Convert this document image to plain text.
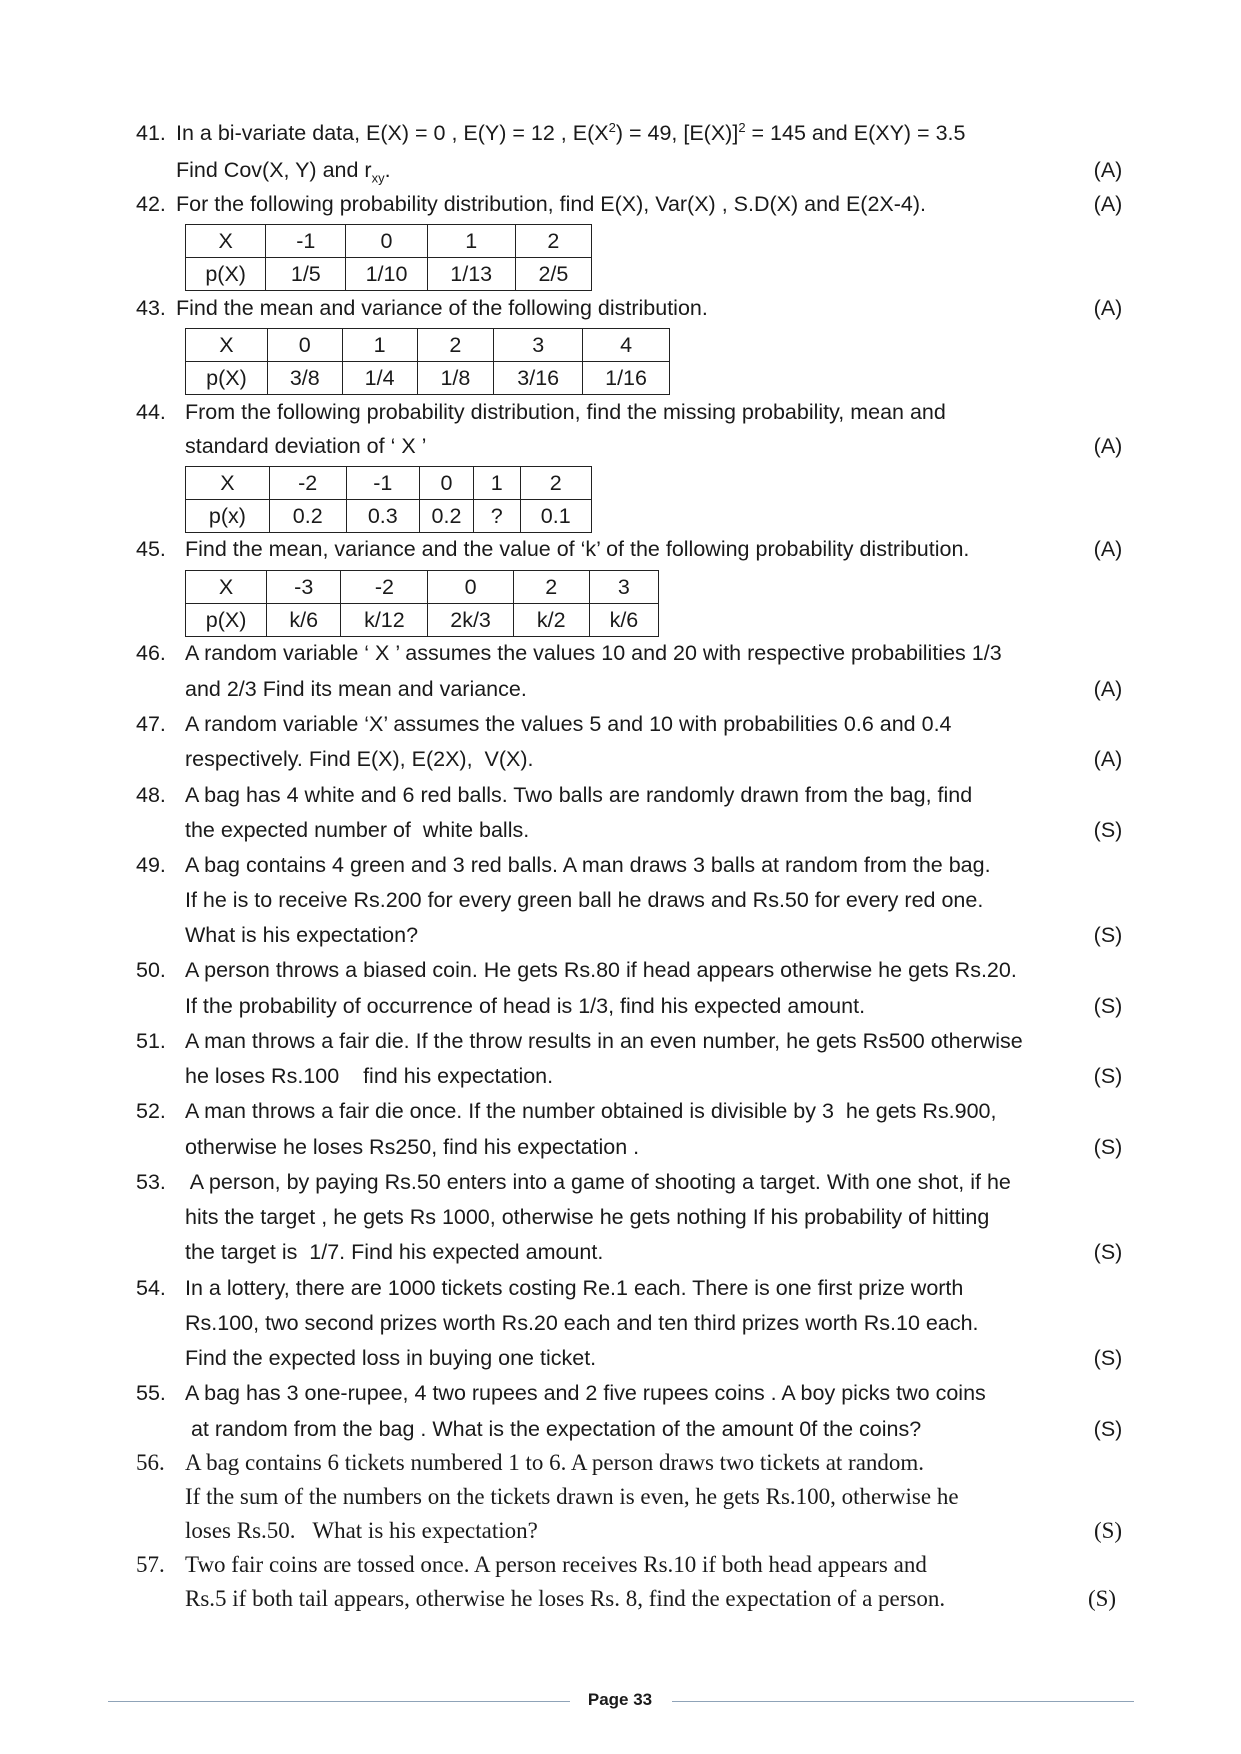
41. In a bi-variate data, E(X) = 0 , E(Y) = 12 , $E(X^2) = 49$, $[E(X)]^2 = 145$ and E(XY) = 3.5
Find Cov(X, Y) and $r_{xy}$.	(A)
42. For the following probability distribution, find E(X), Var(X) , S.D(X) and E(2X-4).	(A)
X	-1	0	1	2
p(X)	1/5	1/10	1/13	2/5
43. Find the mean and variance of the following distribution.	(A)
X	0	1	2	3	4
p(X)	3/8	1/4	1/8	3/16	1/16
44. From the following probability distribution, find the missing probability, mean and
standard deviation of ‘ X ’	(A)
X	-2	-1	0	1	2
p(x)	0.2	0.3	0.2	?	0.1
45. Find the mean, variance and the value of ‘k’ of the following probability distribution.	(A)
X	-3	-2	0	2	3
p(X)	k/6	k/12	2k/3	k/2	k/6
46. A random variable ‘ X ’ assumes the values 10 and 20 with respective probabilities 1/3
and 2/3 Find its mean and variance.	(A)
47. A random variable ‘X’ assumes the values 5 and 10 with probabilities 0.6 and 0.4
respectively. Find E(X), E(2X),  V(X).	(A)
48. A bag has 4 white and 6 red balls. Two balls are randomly drawn from the bag, find
the expected number of  white balls.	(S)
49. A bag contains 4 green and 3 red balls. A man draws 3 balls at random from the bag.
If he is to receive Rs.200 for every green ball he draws and Rs.50 for every red one.
What is his expectation?	(S)
50. A person throws a biased coin. He gets Rs.80 if head appears otherwise he gets Rs.20.
If the probability of occurrence of head is 1/3, find his expected amount.	(S)
51. A man throws a fair die. If the throw results in an even number, he gets Rs500 otherwise
he loses Rs.100    find his expectation.	(S)
52. A man throws a fair die once. If the number obtained is divisible by 3  he gets Rs.900,
otherwise he loses Rs250, find his expectation .	(S)
53. A person, by paying Rs.50 enters into a game of shooting a target. With one shot, if he
hits the target , he gets Rs 1000, otherwise he gets nothing If his probability of hitting
the target is  1/7. Find his expected amount.	(S)
54. In a lottery, there are 1000 tickets costing Re.1 each. There is one first prize worth
Rs.100, two second prizes worth Rs.20 each and ten third prizes worth Rs.10 each.
Find the expected loss in buying one ticket.	(S)
55. A bag has 3 one-rupee, 4 two rupees and 2 five rupees coins . A boy picks two coins
at random from the bag . What is the expectation of the amount 0f the coins?	(S)
56. A bag contains 6 tickets numbered 1 to 6. A person draws two tickets at random.
If the sum of the numbers on the tickets drawn is even, he gets Rs.100, otherwise he
loses Rs.50.   What is his expectation?	(S)
57. Two fair coins are tossed once. A person receives Rs.10 if both head appears and
Rs.5 if both tail appears, otherwise he loses Rs. 8, find the expectation of a person.	(S)
Page 33
